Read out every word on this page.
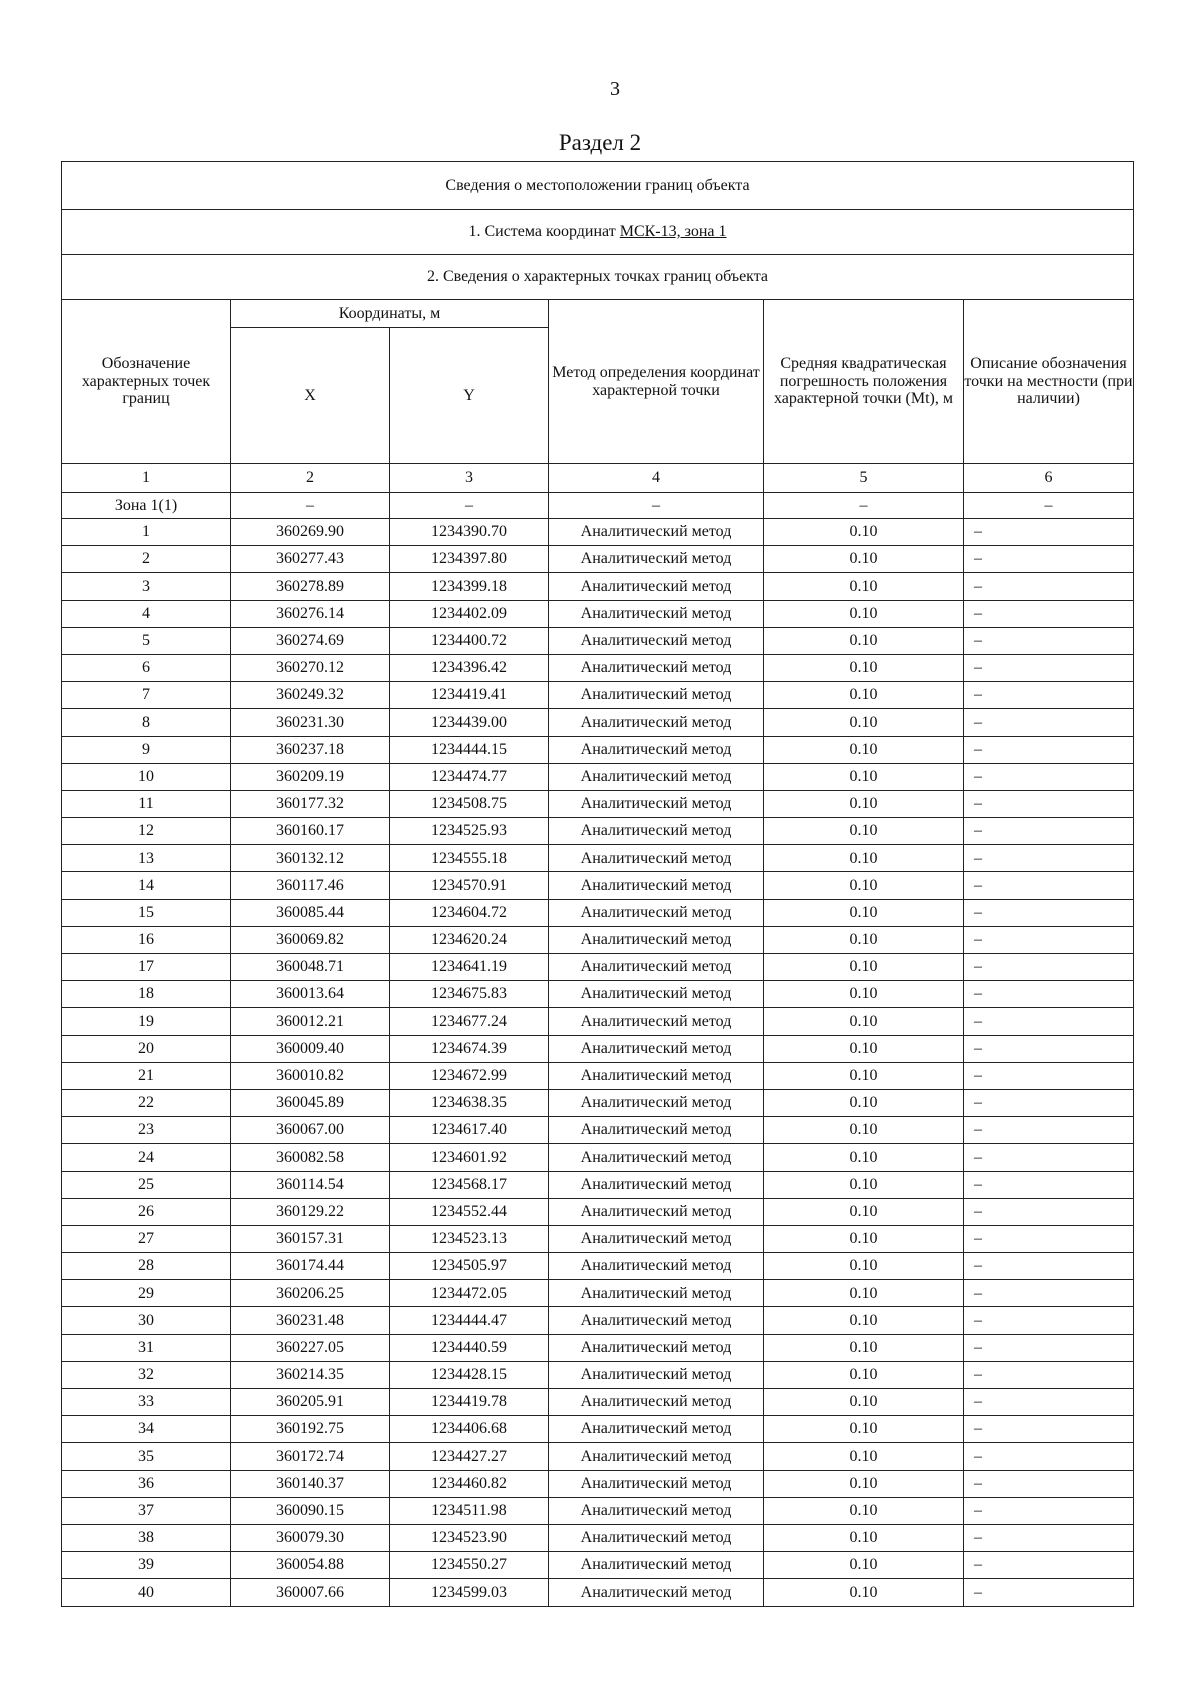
3
Раздел 2
Сведения о местоположении границ объекта					
1. Система координат МСК-13, зона 1					
2. Сведения о характерных точках границ объекта					
Обозначение характерных точек границ	Координаты, м		Метод определения координат характерной точки	Средняя квадратическая погрешность положения характерной точки (Mt), м	Описание обозначения точки на местности (при наличии)
	X	Y			
1	2	3	4	5	6
Зона 1(1)	–	–	–	–	–
1	360269.90	1234390.70	Аналитический метод	0.10	–
2	360277.43	1234397.80	Аналитический метод	0.10	–
3	360278.89	1234399.18	Аналитический метод	0.10	–
4	360276.14	1234402.09	Аналитический метод	0.10	–
5	360274.69	1234400.72	Аналитический метод	0.10	–
6	360270.12	1234396.42	Аналитический метод	0.10	–
7	360249.32	1234419.41	Аналитический метод	0.10	–
8	360231.30	1234439.00	Аналитический метод	0.10	–
9	360237.18	1234444.15	Аналитический метод	0.10	–
10	360209.19	1234474.77	Аналитический метод	0.10	–
11	360177.32	1234508.75	Аналитический метод	0.10	–
12	360160.17	1234525.93	Аналитический метод	0.10	–
13	360132.12	1234555.18	Аналитический метод	0.10	–
14	360117.46	1234570.91	Аналитический метод	0.10	–
15	360085.44	1234604.72	Аналитический метод	0.10	–
16	360069.82	1234620.24	Аналитический метод	0.10	–
17	360048.71	1234641.19	Аналитический метод	0.10	–
18	360013.64	1234675.83	Аналитический метод	0.10	–
19	360012.21	1234677.24	Аналитический метод	0.10	–
20	360009.40	1234674.39	Аналитический метод	0.10	–
21	360010.82	1234672.99	Аналитический метод	0.10	–
22	360045.89	1234638.35	Аналитический метод	0.10	–
23	360067.00	1234617.40	Аналитический метод	0.10	–
24	360082.58	1234601.92	Аналитический метод	0.10	–
25	360114.54	1234568.17	Аналитический метод	0.10	–
26	360129.22	1234552.44	Аналитический метод	0.10	–
27	360157.31	1234523.13	Аналитический метод	0.10	–
28	360174.44	1234505.97	Аналитический метод	0.10	–
29	360206.25	1234472.05	Аналитический метод	0.10	–
30	360231.48	1234444.47	Аналитический метод	0.10	–
31	360227.05	1234440.59	Аналитический метод	0.10	–
32	360214.35	1234428.15	Аналитический метод	0.10	–
33	360205.91	1234419.78	Аналитический метод	0.10	–
34	360192.75	1234406.68	Аналитический метод	0.10	–
35	360172.74	1234427.27	Аналитический метод	0.10	–
36	360140.37	1234460.82	Аналитический метод	0.10	–
37	360090.15	1234511.98	Аналитический метод	0.10	–
38	360079.30	1234523.90	Аналитический метод	0.10	–
39	360054.88	1234550.27	Аналитический метод	0.10	–
40	360007.66	1234599.03	Аналитический метод	0.10	–
